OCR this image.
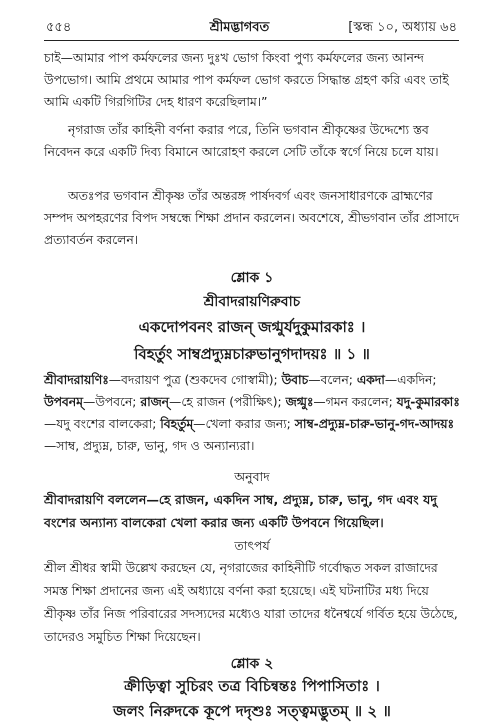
শ্রীমদ্ভাগবত
৫৫৪	[স্কন্ধ ১০, অধ্যায় ৬৪

চাই—আমার পাপ কর্মফলের জন্য দুঃখ ভোগ কিংবা পুণ্য কর্মফলের জন্য আনন্দ উপভোগ। আমি প্রথমে আমার পাপ কর্মফল ভোগ করতে সিদ্ধান্ত গ্রহণ করি এবং তাই আমি একটি গিরগিটির দেহ ধারণ করেছিলাম।”

নৃগরাজ তাঁর কাহিনী বর্ণনা করার পরে, তিনি ভগবান শ্রীকৃষ্ণের উদ্দেশ্যে স্তব নিবেদন করে একটি দিব্য বিমানে আরোহণ করলে সেটি তাঁকে স্বর্গে নিয়ে চলে যায়।

অতঃপর ভগবান শ্রীকৃষ্ণ তাঁর অন্তরঙ্গ পার্ষদবর্গ এবং জনসাধারণকে ব্রাহ্মণের সম্পদ অপহরণের বিপদ সম্বন্ধে শিক্ষা প্রদান করলেন। অবশেষে, শ্রীভগবান তাঁর প্রাসাদে প্রত্যাবর্তন করলেন।

শ্লোক ১
শ্রীবাদরায়ণিরুবাচ
একদোপবনং রাজন্ জগ্মুর্যদুকুমারকাঃ ।
বিহর্তুং সাম্বপ্রদ্যুম্নচারুভানুগদাদয়ঃ ॥ ১ ॥

শ্রীবাদরায়ণিঃ—বদরায়ণ পুত্র (শুকদেব গোস্বামী); উবাচ—বলেন; একদা—একদিন; উপবনম্—উপবনে; রাজন্—হে রাজন (পরীক্ষিৎ); জগ্মুঃ—গমন করলেন; যদু-কুমারকাঃ—যদু বংশের বালকেরা; বিহর্তুম্—খেলা করার জন্য; সাম্ব-প্রদ্যুম্ন-চারু-ভানু-গদ-আদয়ঃ—সাম্ব, প্রদ্যুম্ন, চারু, ভানু, গদ ও অন্যান্যরা।

অনুবাদ

শ্রীবাদরায়ণি বললেন—হে রাজন, একদিন সাম্ব, প্রদ্যুম্ন, চারু, ভানু, গদ এবং যদু বংশের অন্যান্য বালকেরা খেলা করার জন্য একটি উপবনে গিয়েছিল।

তাৎপর্য

শ্রীল শ্রীধর স্বামী উল্লেখ করছেন যে, নৃগরাজের কাহিনীটি গর্বোদ্ধত সকল রাজাদের সমস্ত শিক্ষা প্রদানের জন্য এই অধ্যায়ে বর্ণনা করা হয়েছে। এই ঘটনাটির মধ্য দিয়ে শ্রীকৃষ্ণ তাঁর নিজ পরিবারের সদস্যদের মধ্যেও যারা তাদের ধনৈশ্বর্যে গর্বিত হয়ে উঠেছে, তাদেরও সমুচিত শিক্ষা দিয়েছেন।

শ্লোক ২
ক্রীড়িত্বা সুচিরং তত্র বিচিন্বন্তঃ পিপাসিতাঃ ।
জলং নিরুদকে কূপে দদৃশুঃ সত্ত্বমদ্ভুতম্ ॥ ২ ॥
